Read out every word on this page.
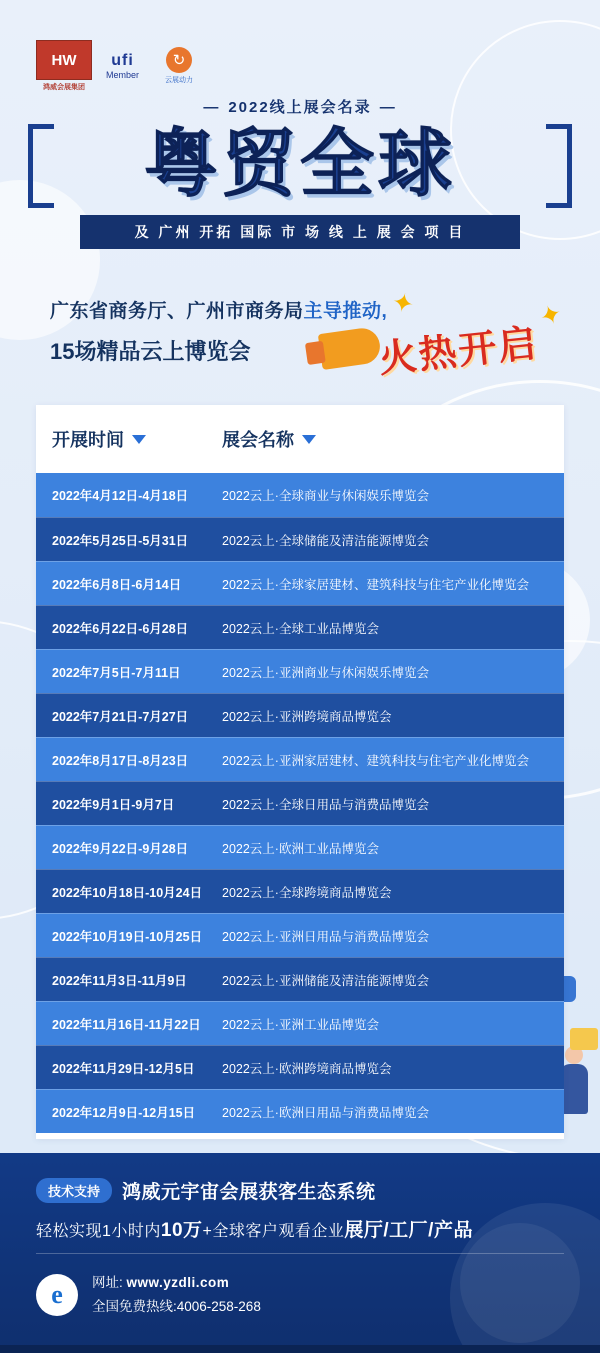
HW
鸿威会展集团
ufi
Member
↻
云展动力
— 2022线上展会名录 —
粤贸全球
及 广州 开拓 国际 市 场 线 上 展 会 项 目
广东省商务厅、广州市商务局主导推动,
15场精品云上博览会
✦	✦
火热开启
开展时间	展会名称
2022年4月12日-4月18日	2022云上·全球商业与休闲娱乐博览会
2022年5月25日-5月31日	2022云上·全球储能及清洁能源博览会
2022年6月8日-6月14日	2022云上·全球家居建材、建筑科技与住宅产业化博览会
2022年6月22日-6月28日	2022云上·全球工业品博览会
2022年7月5日-7月11日	2022云上·亚洲商业与休闲娱乐博览会
2022年7月21日-7月27日	2022云上·亚洲跨境商品博览会
2022年8月17日-8月23日	2022云上·亚洲家居建材、建筑科技与住宅产业化博览会
2022年9月1日-9月7日	2022云上·全球日用品与消费品博览会
2022年9月22日-9月28日	2022云上·欧洲工业品博览会
2022年10月18日-10月24日	2022云上·全球跨境商品博览会
2022年10月19日-10月25日	2022云上·亚洲日用品与消费品博览会
2022年11月3日-11月9日	2022云上·亚洲储能及清洁能源博览会
2022年11月16日-11月22日	2022云上·亚洲工业品博览会
2022年11月29日-12月5日	2022云上·欧洲跨境商品博览会
2022年12月9日-12月15日	2022云上·欧洲日用品与消费品博览会
技术支持	鸿威元宇宙会展获客生态系统
轻松实现1小时内10万+全球客户观看企业展厅/工厂/产品
e	网址: www.yzdli.com
全国免费热线:4006-258-268
